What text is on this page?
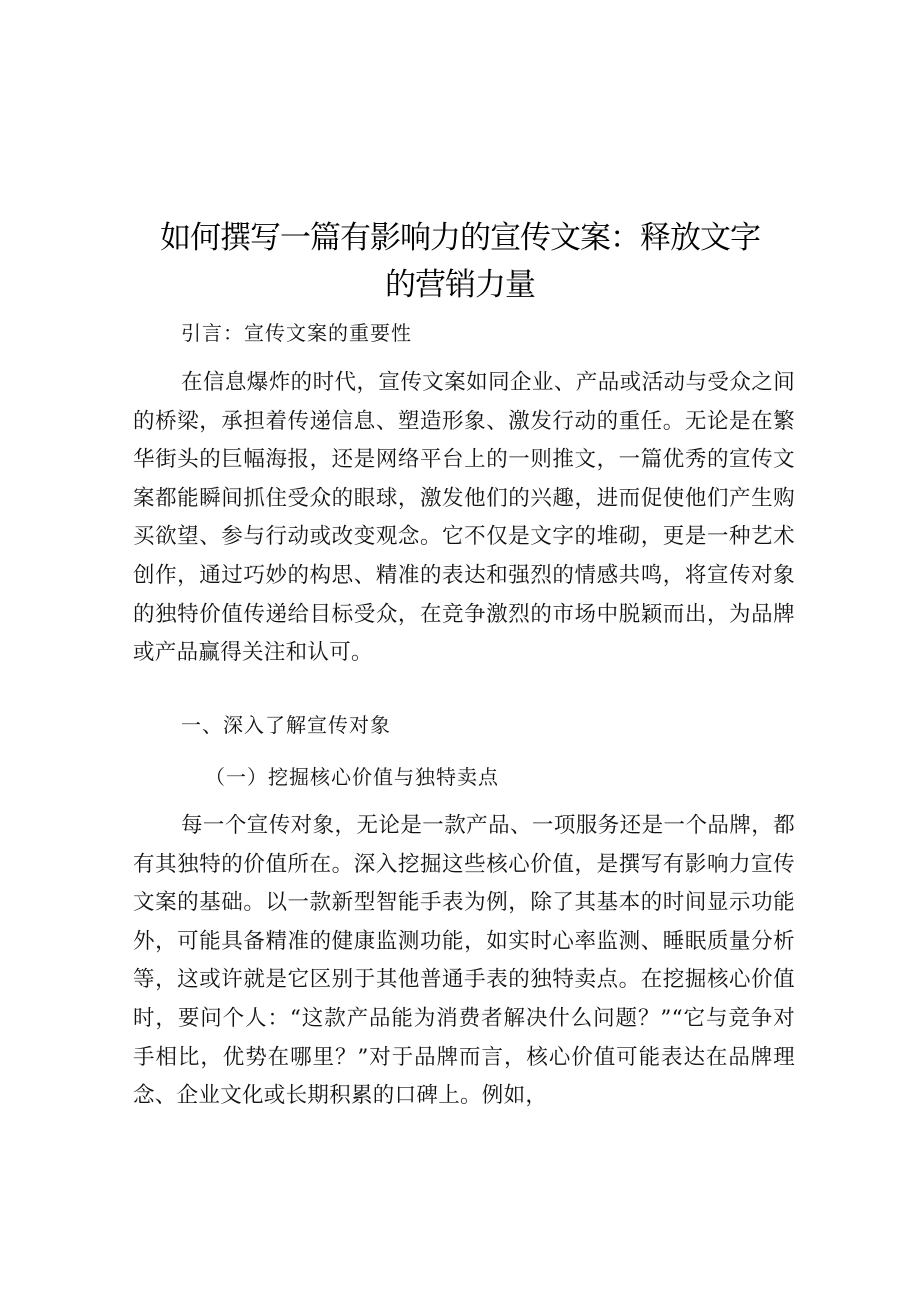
如何撰写一篇有影响力的宣传文案：释放文字
的营销力量
引言：宣传文案的重要性
在信息爆炸的时代，宣传文案如同企业、产品或活动与受众之间的桥梁，承担着传递信息、塑造形象、激发行动的重任。无论是在繁华街头的巨幅海报，还是网络平台上的一则推文，一篇优秀的宣传文案都能瞬间抓住受众的眼球，激发他们的兴趣，进而促使他们产生购买欲望、参与行动或改变观念。它不仅是文字的堆砌，更是一种艺术创作，通过巧妙的构思、精准的表达和强烈的情感共鸣，将宣传对象的独特价值传递给目标受众，在竞争激烈的市场中脱颖而出，为品牌或产品赢得关注和认可。
一、深入了解宣传对象
（一）挖掘核心价值与独特卖点
每一个宣传对象，无论是一款产品、一项服务还是一个品牌，都有其独特的价值所在。深入挖掘这些核心价值，是撰写有影响力宣传文案的基础。以一款新型智能手表为例，除了其基本的时间显示功能外，可能具备精准的健康监测功能，如实时心率监测、睡眠质量分析等，这或许就是它区别于其他普通手表的独特卖点。在挖掘核心价值时，要问个人：“这款产品能为消费者解决什么问题？”“它与竞争对手相比，优势在哪里？”对于品牌而言，核心价值可能表达在品牌理念、企业文化或长期积累的口碑上。例如，
